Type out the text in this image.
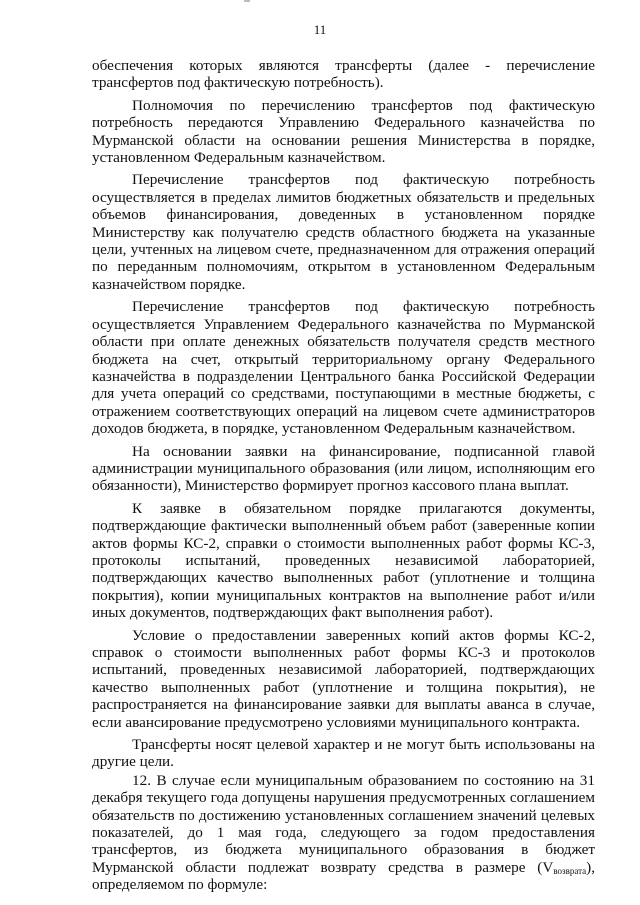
11

обеспечения которых являются трансферты (далее - перечисление трансфертов под фактическую потребность).

Полномочия по перечислению трансфертов под фактическую потребность передаются Управлению Федерального казначейства по Мурманской области на основании решения Министерства в порядке, установленном Федеральным казначейством.

Перечисление трансфертов под фактическую потребность осуществляется в пределах лимитов бюджетных обязательств и предельных объемов финансирования, доведенных в установленном порядке Министерству как получателю средств областного бюджета на указанные цели, учтенных на лицевом счете, предназначенном для отражения операций по переданным полномочиям, открытом в установленном Федеральным казначейством порядке.

Перечисление трансфертов под фактическую потребность осуществляется Управлением Федерального казначейства по Мурманской области при оплате денежных обязательств получателя средств местного бюджета на счет, открытый территориальному органу Федерального казначейства в подразделении Центрального банка Российской Федерации для учета операций со средствами, поступающими в местные бюджеты, с отражением соответствующих операций на лицевом счете администраторов доходов бюджета, в порядке, установленном Федеральным казначейством.

На основании заявки на финансирование, подписанной главой администрации муниципального образования (или лицом, исполняющим его обязанности), Министерство формирует прогноз кассового плана выплат.

К заявке в обязательном порядке прилагаются документы, подтверждающие фактически выполненный объем работ (заверенные копии актов формы КС-2, справки о стоимости выполненных работ формы КС-3, протоколы испытаний, проведенных независимой лабораторией, подтверждающих качество выполненных работ (уплотнение и толщина покрытия), копии муниципальных контрактов на выполнение работ и/или иных документов, подтверждающих факт выполнения работ).

Условие о предоставлении заверенных копий актов формы КС-2, справок о стоимости выполненных работ формы КС-3 и протоколов испытаний, проведенных независимой лабораторией, подтверждающих качество выполненных работ (уплотнение и толщина покрытия), не распространяется на финансирование заявки для выплаты аванса в случае, если авансирование предусмотрено условиями муниципального контракта.

Трансферты носят целевой характер и не могут быть использованы на другие цели.

12. В случае если муниципальным образованием по состоянию на 31 декабря текущего года допущены нарушения предусмотренных соглашением обязательств по достижению установленных соглашением значений целевых показателей, до 1 мая года, следующего за годом предоставления трансфертов, из бюджета муниципального образования в бюджет Мурманской области подлежат возврату средства в размере $(V_{возврата})$, определяемом по формуле:
